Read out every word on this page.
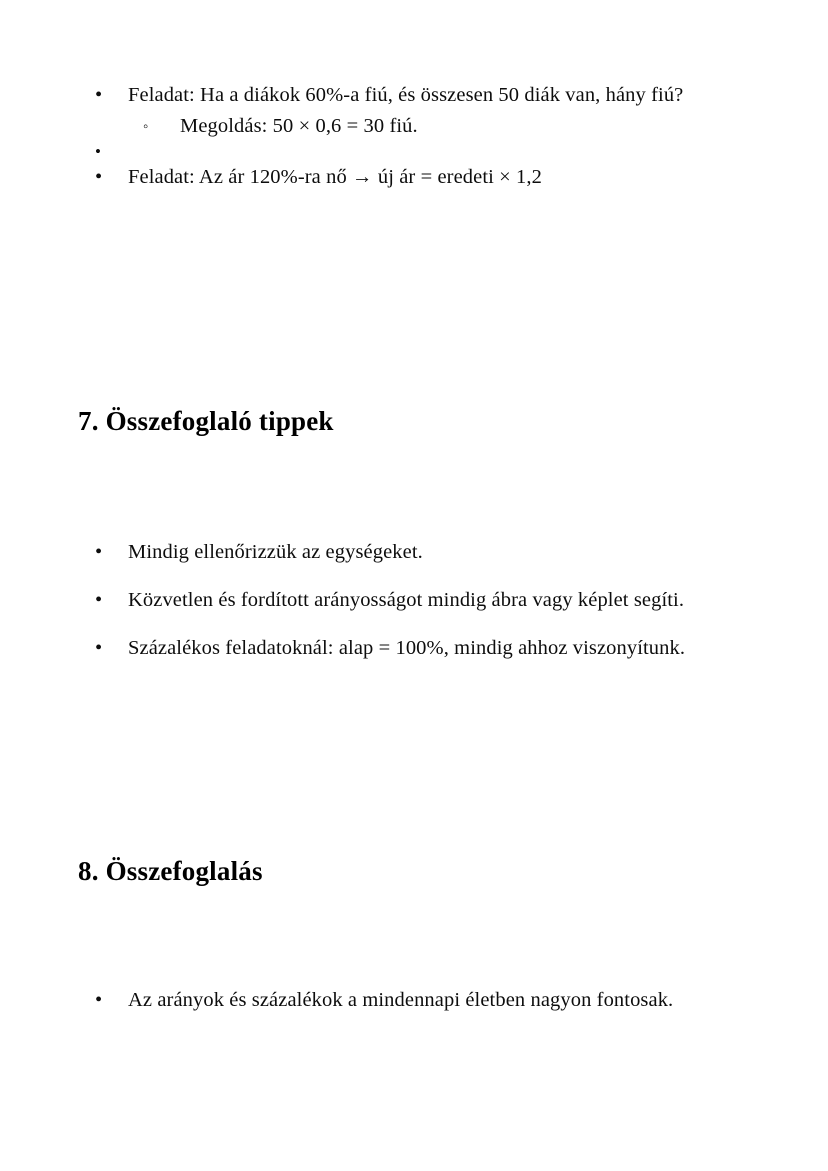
•	Feladat: Ha a diákok 60%-a fiú, és összesen 50 diák van, hány fiú?
◦	Megoldás: 50 × 0,6 = 30 fiú.
•
•	Feladat: Az ár 120%-ra nő → új ár = eredeti × 1,2
7. Összefoglaló tippek
•	Mindig ellenőrizzük az egységeket.
•	Közvetlen és fordított arányosságot mindig ábra vagy képlet segíti.
•	Százalékos feladatoknál: alap = 100%, mindig ahhoz viszonyítunk.
8. Összefoglalás
•	Az arányok és százalékok a mindennapi életben nagyon fontosak.
